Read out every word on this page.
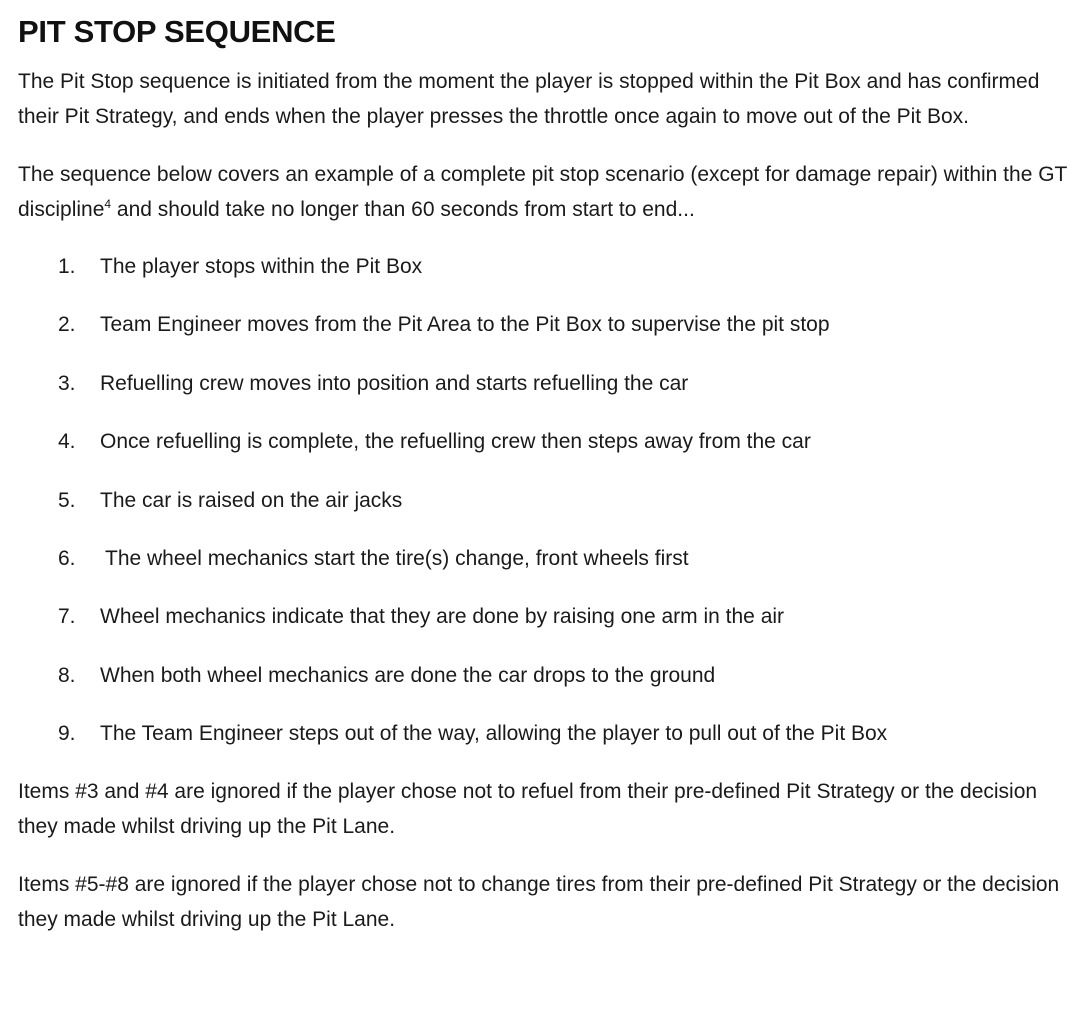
PIT STOP SEQUENCE

The Pit Stop sequence is initiated from the moment the player is stopped within the Pit Box and has confirmed their Pit Strategy, and ends when the player presses the throttle once again to move out of the Pit Box.

The sequence below covers an example of a complete pit stop scenario (except for damage repair) within the GT discipline$^4$ and should take no longer than 60 seconds from start to end...

1.	The player stops within the Pit Box
2.	Team Engineer moves from the Pit Area to the Pit Box to supervise the pit stop
3.	Refuelling crew moves into position and starts refuelling the car
4.	Once refuelling is complete, the refuelling crew then steps away from the car
5.	The car is raised on the air jacks
6.	The wheel mechanics start the tire(s) change, front wheels first
7.	Wheel mechanics indicate that they are done by raising one arm in the air
8.	When both wheel mechanics are done the car drops to the ground
9.	The Team Engineer steps out of the way, allowing the player to pull out of the Pit Box

Items #3 and #4 are ignored if the player chose not to refuel from their pre-defined Pit Strategy or the decision they made whilst driving up the Pit Lane.

Items #5-#8 are ignored if the player chose not to change tires from their pre-defined Pit Strategy or the decision they made whilst driving up the Pit Lane.
